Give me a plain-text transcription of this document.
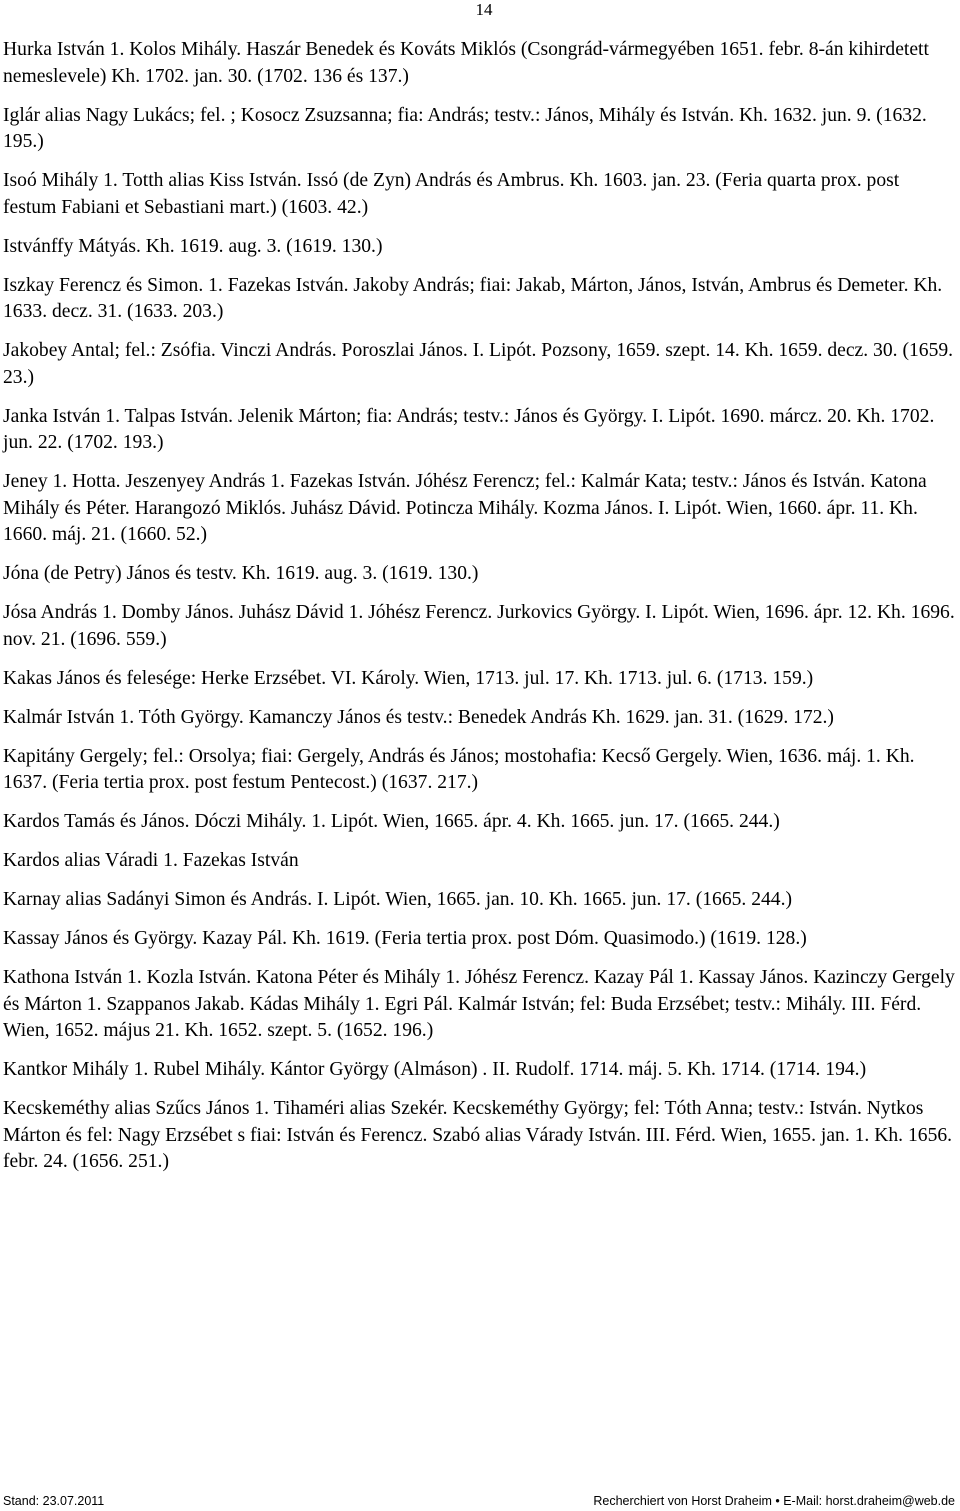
14

Hurka István 1. Kolos Mihály. Haszár Benedek és Kováts Miklós (Csongrád-vármegyében 1651. febr. 8-án kihirdetett nemeslevele) Kh. 1702. jan. 30. (1702. 136 és 137.)

Iglár alias Nagy Lukács; fel. ; Kosocz Zsuzsanna; fia: András; testv.: János, Mihály és István. Kh. 1632. jun. 9. (1632. 195.)

Isoó Mihály 1. Totth alias Kiss István. Issó (de Zyn) András és Ambrus. Kh. 1603. jan. 23. (Feria quarta prox. post festum Fabiani et Sebastiani mart.) (1603. 42.)

Istvánffy Mátyás. Kh. 1619. aug. 3. (1619. 130.)

Iszkay Ferencz és Simon. 1. Fazekas István. Jakoby András; fiai: Jakab, Márton, János, István, Ambrus és Demeter. Kh. 1633. decz. 31. (1633. 203.)

Jakobey Antal; fel.: Zsófia. Vinczi András. Poroszlai János. I. Lipót. Pozsony, 1659. szept. 14. Kh. 1659. decz. 30. (1659. 23.)

Janka István 1. Talpas István. Jelenik Márton; fia: András; testv.: János és György. I. Lipót. 1690. márcz. 20. Kh. 1702. jun. 22. (1702. 193.)

Jeney 1. Hotta. Jeszenyey András 1. Fazekas István. Jóhész Ferencz; fel.: Kalmár Kata; testv.: János és István. Katona Mihály és Péter. Harangozó Miklós. Juhász Dávid. Potincza Mihály. Kozma János. I. Lipót. Wien, 1660. ápr. 11. Kh. 1660. máj. 21. (1660. 52.)

Jóna (de Petry) János és testv. Kh. 1619. aug. 3. (1619. 130.)

Jósa András 1. Domby János. Juhász Dávid 1. Jóhész Ferencz. Jurkovics György. I. Lipót. Wien, 1696. ápr. 12. Kh. 1696. nov. 21. (1696. 559.)

Kakas János és felesége: Herke Erzsébet. VI. Károly. Wien, 1713. jul. 17. Kh. 1713. jul. 6. (1713. 159.)

Kalmár István 1. Tóth György. Kamanczy János és testv.: Benedek András Kh. 1629. jan. 31. (1629. 172.)

Kapitány Gergely; fel.: Orsolya; fiai: Gergely, András és János; mostohafia: Kecső Gergely. Wien, 1636. máj. 1. Kh. 1637. (Feria tertia prox. post festum Pentecost.) (1637. 217.)

Kardos Tamás és János. Dóczi Mihály. 1. Lipót. Wien, 1665. ápr. 4. Kh. 1665. jun. 17. (1665. 244.)

Kardos alias Váradi 1. Fazekas István

Karnay alias Sadányi Simon és András. I. Lipót. Wien, 1665. jan. 10. Kh. 1665. jun. 17. (1665. 244.)

Kassay János és György. Kazay Pál. Kh. 1619. (Feria tertia prox. post Dóm. Quasimodo.) (1619. 128.)

Kathona István 1. Kozla István. Katona Péter és Mihály 1. Jóhész Ferencz. Kazay Pál 1. Kassay János. Kazinczy Gergely és Márton 1. Szappanos Jakab. Kádas Mihály 1. Egri Pál. Kalmár István; fel: Buda Erzsébet; testv.: Mihály. III. Férd. Wien, 1652. május 21. Kh. 1652. szept. 5. (1652. 196.)

Kantkor Mihály 1. Rubel Mihály. Kántor György (Almáson) . II. Rudolf. 1714. máj. 5. Kh. 1714. (1714. 194.)

Kecskeméthy alias Szűcs János 1. Tihaméri alias Szekér. Kecskeméthy György; fel: Tóth Anna; testv.: István. Nytkos Márton és fel: Nagy Erzsébet s fiai: István és Ferencz. Szabó alias Várady István. III. Férd. Wien, 1655. jan. 1. Kh. 1656. febr. 24. (1656. 251.)

Stand: 23.07.2011	Recherchiert von Horst Draheim • E-Mail: horst.draheim@web.de
